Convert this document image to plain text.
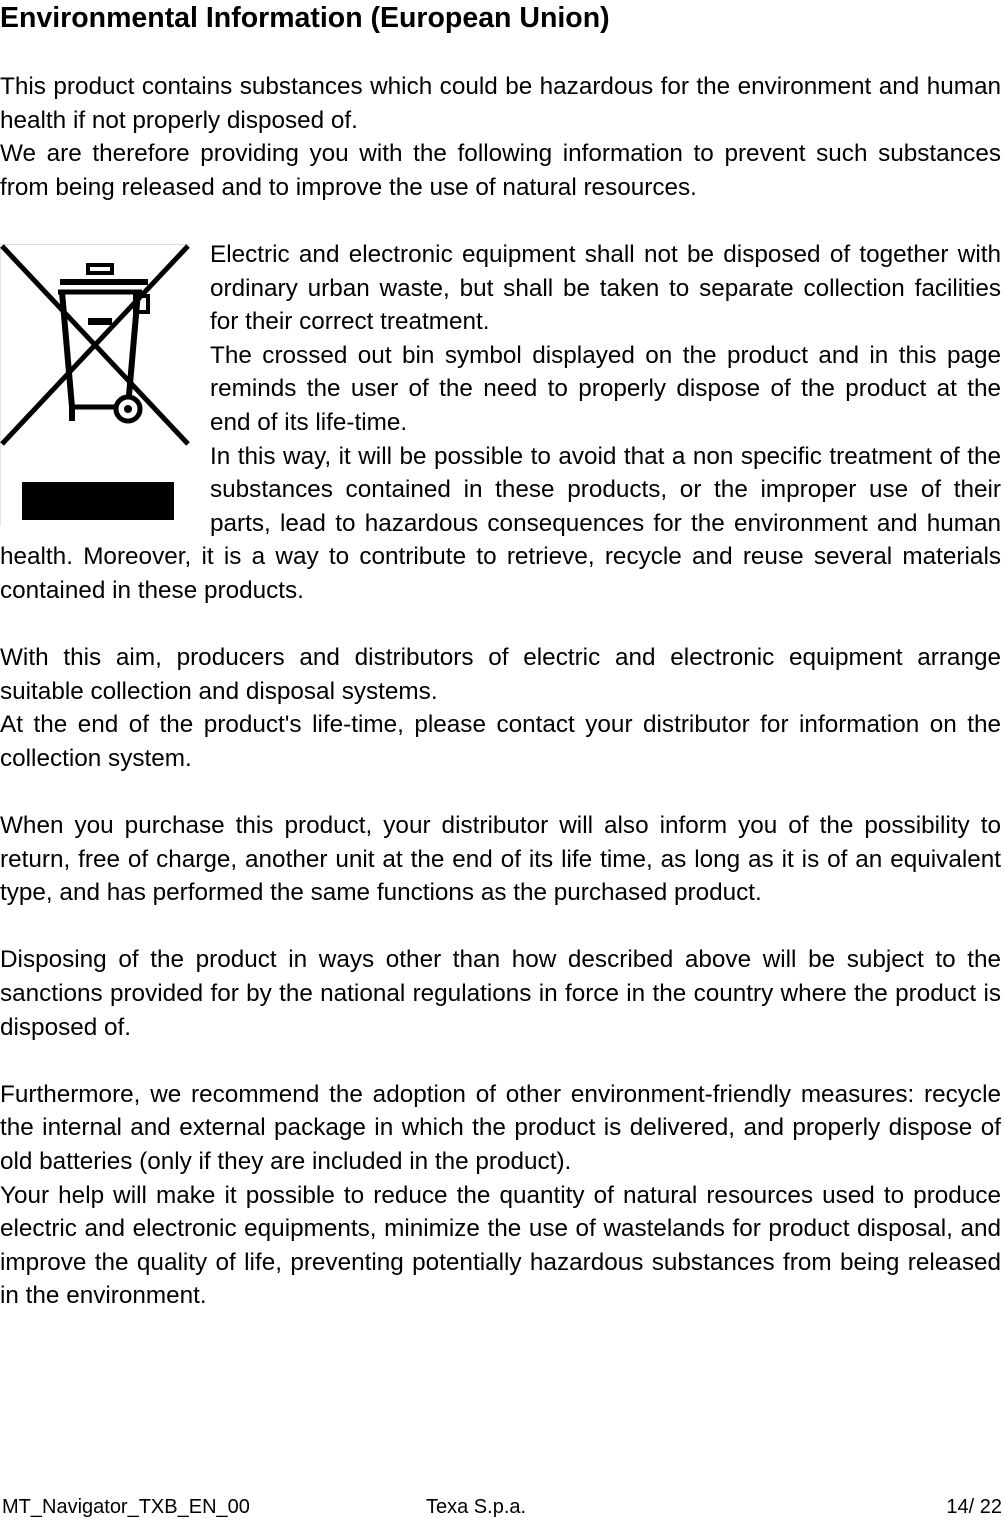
Environmental Information (European Union)

This product contains substances which could be hazardous for the environment and human health if not properly disposed of.

We are therefore providing you with the following information to prevent such substances from being released and to improve the use of natural resources.

Electric and electronic equipment shall not be disposed of together with ordinary urban waste, but shall be taken to separate collection facilities for their correct treatment.

The crossed out bin symbol displayed on the product and in this page reminds the user of the need to properly dispose of the product at the end of its life-time.

In this way, it will be possible to avoid that a non specific treatment of the substances contained in these products, or the improper use of their parts, lead to hazardous consequences for the environment and human health. Moreover, it is a way to contribute to retrieve, recycle and reuse several materials contained in these products.

With this aim, producers and distributors of electric and electronic equipment arrange suitable collection and disposal systems.

At the end of the product's life-time, please contact your distributor for information on the collection system.

When you purchase this product, your distributor will also inform you of the possibility to return, free of charge, another unit at the end of its life time, as long as it is of an equivalent type, and has performed the same functions as the purchased product.

Disposing of the product in ways other than how described above will be subject to the sanctions provided for by the national regulations in force in the country where the product is disposed of.

Furthermore, we recommend the adoption of other environment-friendly measures: recycle the internal and external package in which the product is delivered, and properly dispose of old batteries (only if they are included in the product).

Your help will make it possible to reduce the quantity of natural resources used to produce electric and electronic equipments, minimize the use of wastelands for product disposal, and improve the quality of life, preventing potentially hazardous substances from being released in the environment.

MT_Navigator_TXB_EN_00	Texa S.p.a.	14/ 22
